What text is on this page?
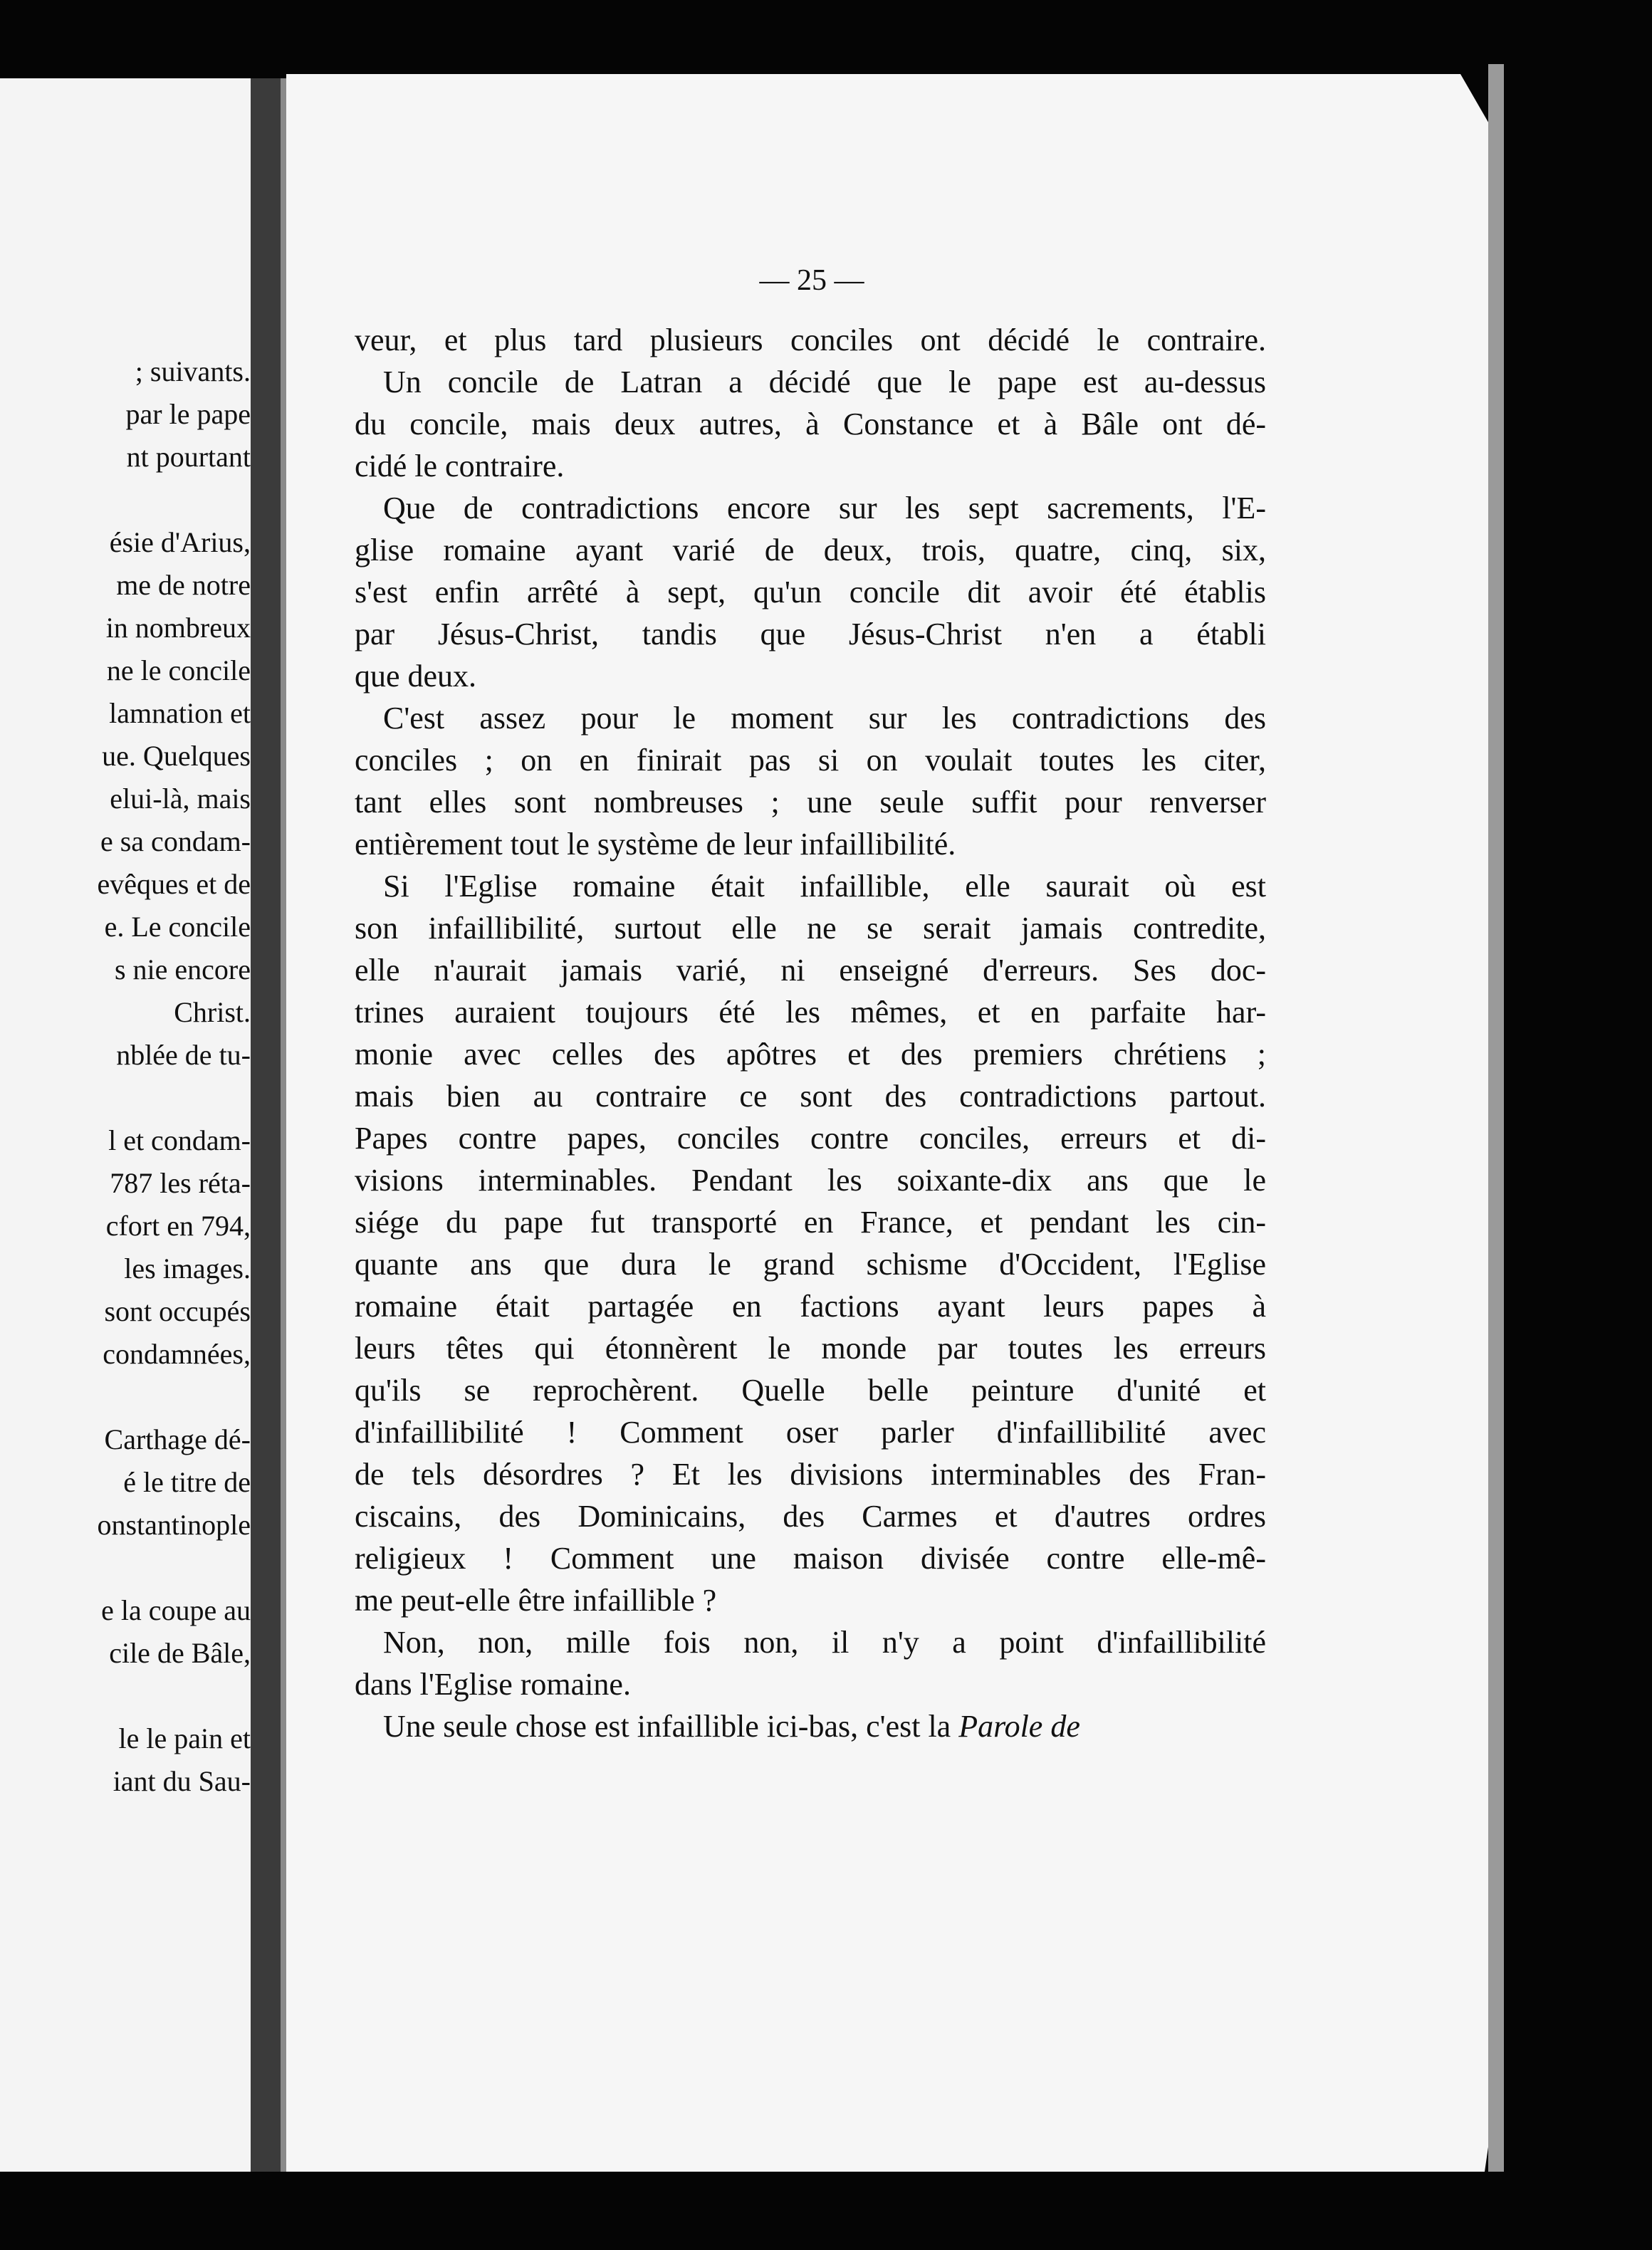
; suivants.
par le pape
nt pourtant
ésie d'Arius,
me de notre
in nombreux
ne le concile
lamnation et
ue. Quelques
elui-là, mais
e sa condam-
evêques et de
e. Le concile
s nie encore
Christ.
nblée de tu-
l et condam-
787 les réta-
cfort en 794,
les images.
sont occupés
condamnées,
Carthage dé-
é le titre de
onstantinople
e la coupe au
cile de Bâle,
le le pain et
iant du Sau-
— 25 —
veur, et plus tard plusieurs conciles ont décidé le contraire.
Un concile de Latran a décidé que le pape est au-dessus
du concile, mais deux autres, à Constance et à Bâle ont dé-
cidé le contraire.
Que de contradictions encore sur les sept sacrements, l'E-
glise romaine ayant varié de deux, trois, quatre, cinq, six,
s'est enfin arrêté à sept, qu'un concile dit avoir été établis
par Jésus-Christ, tandis que Jésus-Christ n'en a établi
que deux.
C'est assez pour le moment sur les contradictions des
conciles ; on en finirait pas si on voulait toutes les citer,
tant elles sont nombreuses ; une seule suffit pour renverser
entièrement tout le système de leur infaillibilité.
Si l'Eglise romaine était infaillible, elle saurait où est
son infaillibilité, surtout elle ne se serait jamais contredite,
elle n'aurait jamais varié, ni enseigné d'erreurs. Ses doc-
trines auraient toujours été les mêmes, et en parfaite har-
monie avec celles des apôtres et des premiers chrétiens ;
mais bien au contraire ce sont des contradictions partout.
Papes contre papes, conciles contre conciles, erreurs et di-
visions interminables. Pendant les soixante-dix ans que le
siége du pape fut transporté en France, et pendant les cin-
quante ans que dura le grand schisme d'Occident, l'Eglise
romaine était partagée en factions ayant leurs papes à
leurs têtes qui étonnèrent le monde par toutes les erreurs
qu'ils se reprochèrent. Quelle belle peinture d'unité et
d'infaillibilité ! Comment oser parler d'infaillibilité avec
de tels désordres ? Et les divisions interminables des Fran-
ciscains, des Dominicains, des Carmes et d'autres ordres
religieux ! Comment une maison divisée contre elle-mê-
me peut-elle être infaillible ?
Non, non, mille fois non, il n'y a point d'infaillibilité
dans l'Eglise romaine.
Une seule chose est infaillible ici-bas, c'est la Parole de
